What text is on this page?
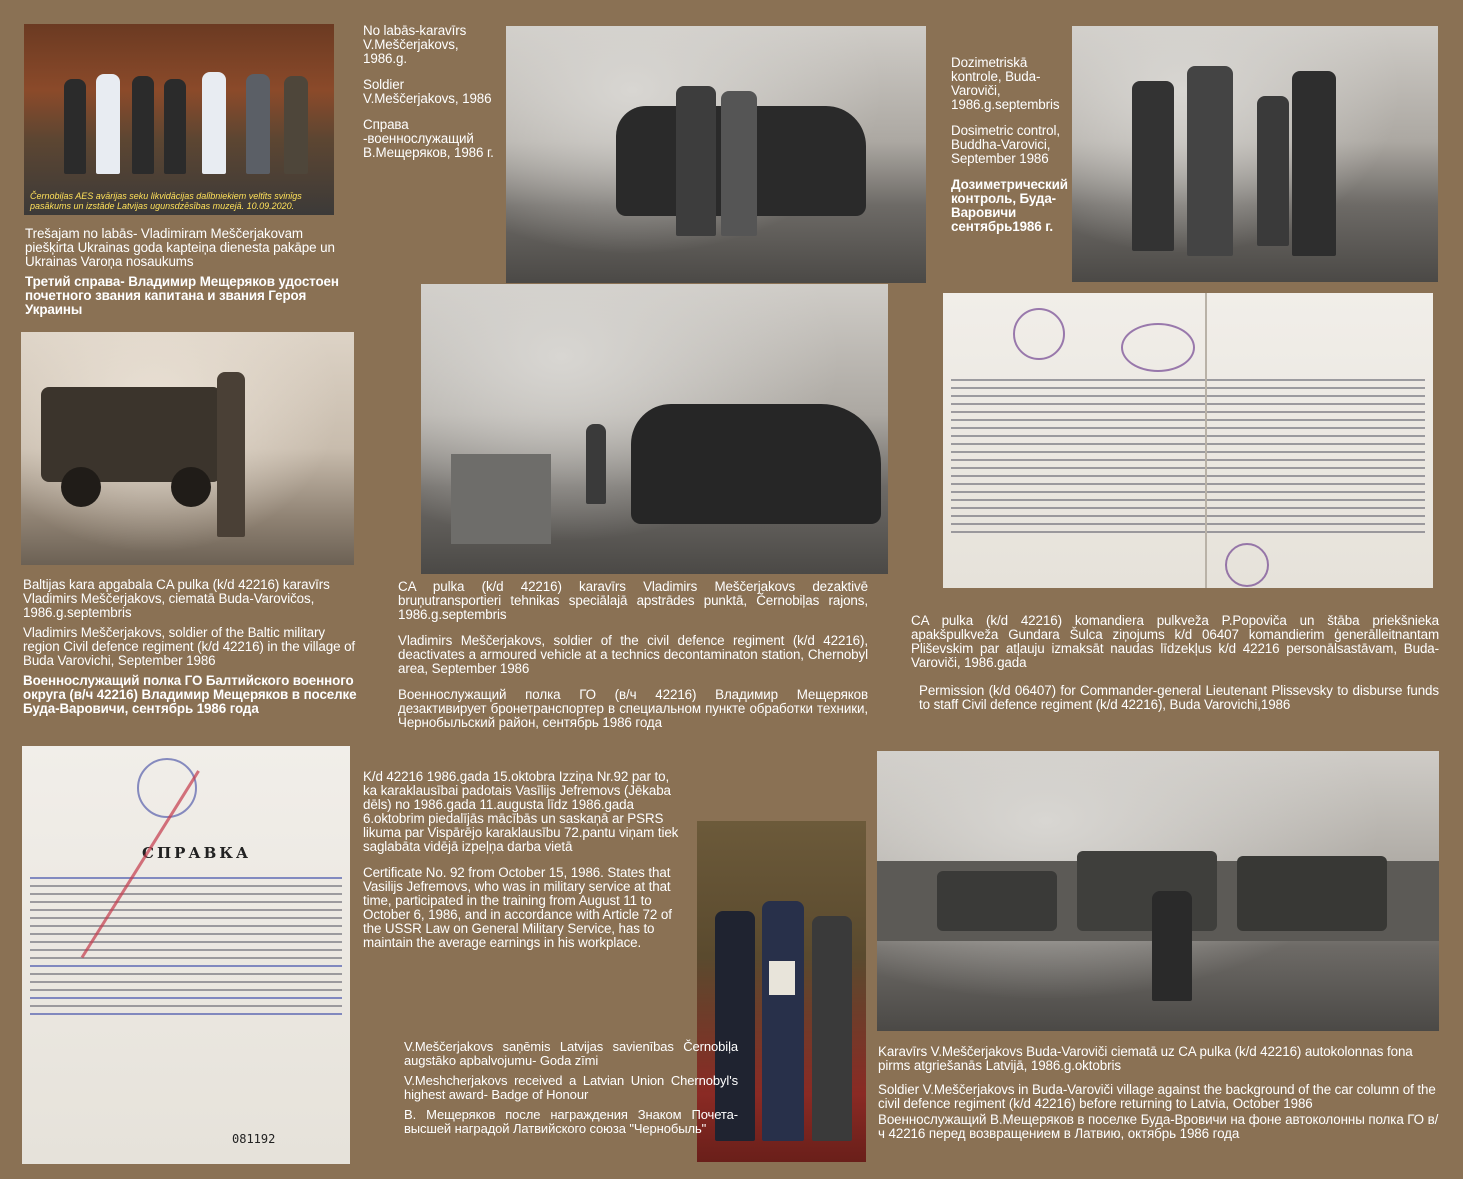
Černobiļas AES avārijas seku likvidācijas dalībniekiem veltīts svinīgs pasākums un izstāde Latvijas ugunsdzēsības muzejā. 10.09.2020.
СПРАВКА
081192

Trešajam no labās- Vladimiram Meščerjakovam piešķirta Ukrainas goda kapteiņa dienesta pakāpe un Ukrainas Varoņa nosaukums

Третий справа- Владимир Мещеряков удостоен почетного звания капитана и звания Героя Украины

No labās-karavīrs V.Meščerjakovs, 1986.g.

Soldier V.Meščerjakovs, 1986

Справа -военнослужащий В.Мещеряков, 1986 г.

Dozimetriskā kontrole, Buda-Varoviči, 1986.g.septembris

Dosimetric control, Buddha-Varovici, September 1986

Дозиметрический контроль, Буда-Варовичи сентябрь1986 г.

Baltijas kara apgabala CA pulka (k/d 42216) karavīrs Vladimirs Meščerjakovs, ciematā Buda-Varovičos, 1986.g.septembris

Vladimirs Meščerjakovs, soldier of the Baltic military region Civil defence regiment (k/d 42216) in the village of Buda Varovichi, September 1986

Военнослужащий полка ГО Балтийского военного округа (в/ч 42216) Владимир Мещеряков в поселке Буда-Варовичи, сентябрь 1986 года

CA pulka (k/d 42216) karavīrs Vladimirs Meščerjakovs dezaktivē bruņutransportieri tehnikas speciālajā apstrādes punktā, Černobiļas rajons, 1986.g.septembris

Vladimirs Meščerjakovs, soldier of the civil defence regiment (k/d 42216), deactivates a armoured vehicle at a technics decontaminaton station, Chernobyl area, September 1986

Военнослужащий полка ГО (в/ч 42216) Владимир Мещеряков дезактивирует бронетранспортер в специальном пункте обработки техники, Чернобыльский район, сентябрь 1986 года

CA pulka (k/d 42216) komandiera pulkveža P.Popoviča un štāba priekšnieka apakšpulkveža Gundara Šulca ziņojums k/d 06407 komandierim ģenerālleitnantam Pliševskim par atļauju izmaksāt naudas līdzekļus k/d 42216 personālsastāvam, Buda-Varoviči, 1986.gada

Permission (k/d 06407) for Commander-general Lieutenant Plissevsky to disburse funds to staff Civil defence regiment (k/d 42216), Buda Varovichi,1986

K/d 42216 1986.gada 15.oktobra Izziņa Nr.92 par to, ka karaklausībai padotais Vasīlijs Jefremovs (Jēkaba dēls) no 1986.gada 11.augusta līdz 1986.gada 6.oktobrim piedalījās mācībās un saskaņā ar PSRS likuma par Vispārējo karaklausību 72.pantu viņam tiek saglabāta vidējā izpeļņa darba vietā

Certificate No. 92 from October 15, 1986. States that Vasilijs Jefremovs, who was in military service at that time, participated in the training from August 11 to October 6, 1986, and in accordance with Article 72 of the USSR Law on General Military Service, has to maintain the average earnings in his workplace.

V.Meščerjakovs saņēmis Latvijas savienības Černobiļa augstāko apbalvojumu- Goda zīmi

V.Meshcherjakovs received a Latvian Union Chernobyl's highest award- Badge of Honour

В. Мещеряков после награждения Знаком Почета- высшей наградой Латвийского союза "Чернобыль"

Karavīrs V.Meščerjakovs Buda-Varoviči ciematā uz CA pulka (k/d 42216) autokolonnas fona pirms atgriešanās Latvijā, 1986.g.oktobris

Soldier V.Meščerjakovs in Buda-Varoviči village against the background of the car column of the civil defence regiment (k/d 42216) before returning to Latvia, October 1986

Военнослужащий В.Мещеряков в поселке Буда-Вровичи на фоне автоколонны полка ГО в/ч 42216 перед возвращением в Латвию, октябрь 1986 года
